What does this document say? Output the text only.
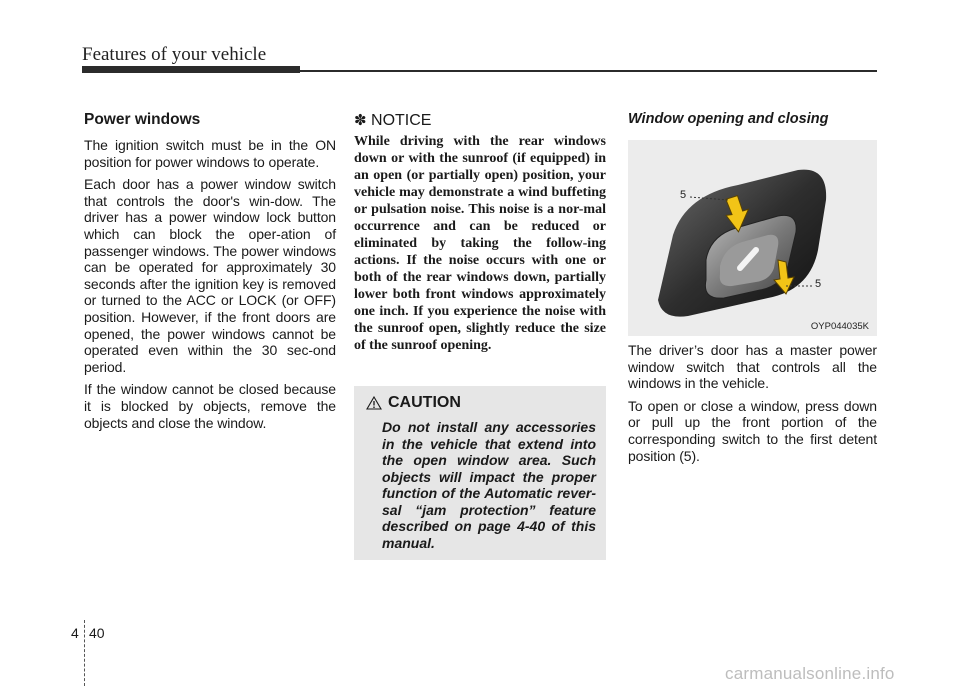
Features of your vehicle
Power windows

The ignition switch must be in the ON position for power windows to operate.

Each door has a power window switch that controls the door's win-dow. The driver has a power window lock button which can block the oper-ation of passenger windows. The power windows can be operated for approximately 30 seconds after the ignition key is removed or turned to the ACC or LOCK (or OFF) position. However, if the front doors are opened, the power windows cannot be operated even within the 30 sec-ond period.

If the window cannot be closed because it is blocked by objects, remove the objects and close the window.

✽ NOTICE

While driving with the rear windows down or with the sunroof (if equipped) in an open (or partially open) position, your vehicle may demonstrate a wind buffeting or pulsation noise. This noise is a nor-mal occurrence and can be reduced or eliminated by taking the follow-ing actions. If the noise occurs with one or both of the rear windows down, partially lower both front windows approximately one inch. If you experience the noise with the sunroof open, slightly reduce the size of the sunroof opening.

CAUTION
Do not install any accessories in the vehicle that extend into the open window area. Such objects will impact the proper function of the Automatic rever-sal “jam protection” feature described on page 4-40 of this manual.
Window opening and closing
5
5
OYP044035K

The driver’s door has a master power window switch that controls all the windows in the vehicle.

To open or close a window, press down or pull up the front portion of the corresponding switch to the first detent position (5).

4 40
carmanualsonline.info
